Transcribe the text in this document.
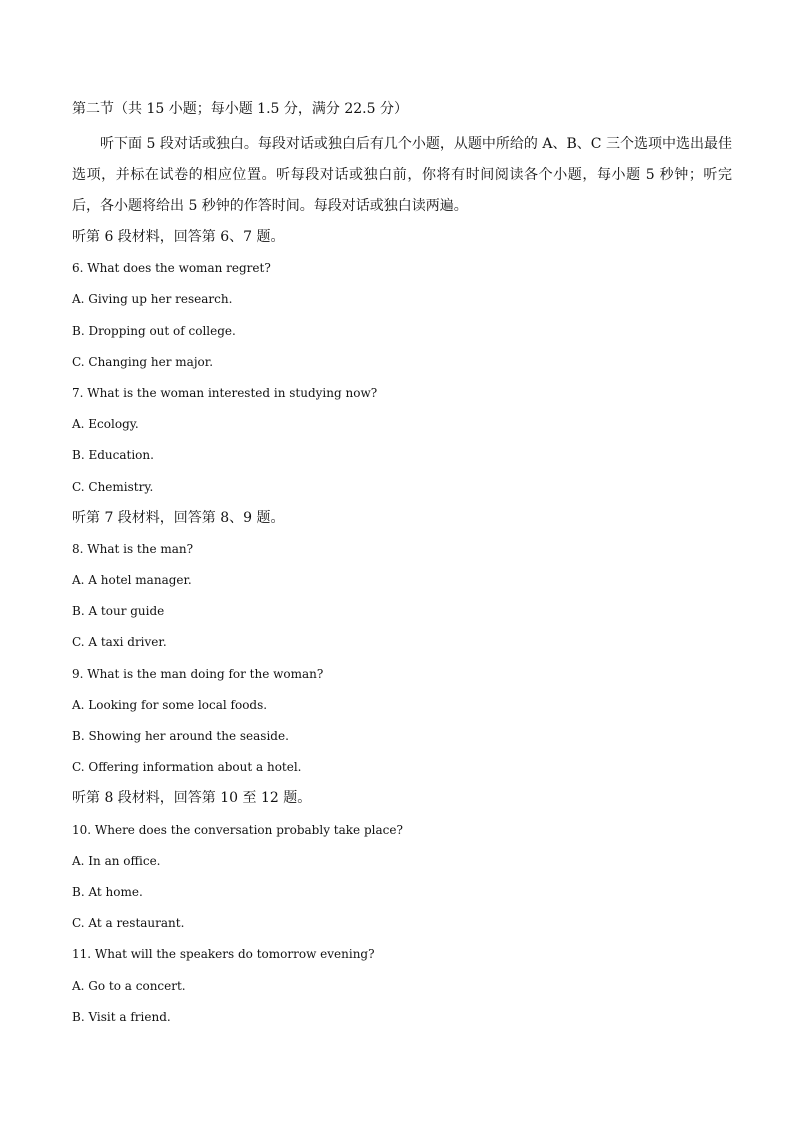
第二节（共 15 小题；每小题 1.5 分，满分 22.5 分）
听下面 5 段对话或独白。每段对话或独白后有几个小题，从题中所给的 A、B、C 三个选项中选出最佳选项，并标在试卷的相应位置。听每段对话或独白前，你将有时间阅读各个小题，每小题 5 秒钟；听完后，各小题将给出 5 秒钟的作答时间。每段对话或独白读两遍。
听第 6 段材料，回答第 6、7 题。
6. What does the woman regret?
A. Giving up her research.
B. Dropping out of college.
C. Changing her major.
7. What is the woman interested in studying now?
A. Ecology.
B. Education.
C. Chemistry.
听第 7 段材料，回答第 8、9 题。
8. What is the man?
A. A hotel manager.
B. A tour guide
C. A taxi driver.
9. What is the man doing for the woman?
A. Looking for some local foods.
B. Showing her around the seaside.
C. Offering information about a hotel.
听第 8 段材料，回答第 10 至 12 题。
10. Where does the conversation probably take place?
A. In an office.
B. At home.
C. At a restaurant.
11. What will the speakers do tomorrow evening?
A. Go to a concert.
B. Visit a friend.
